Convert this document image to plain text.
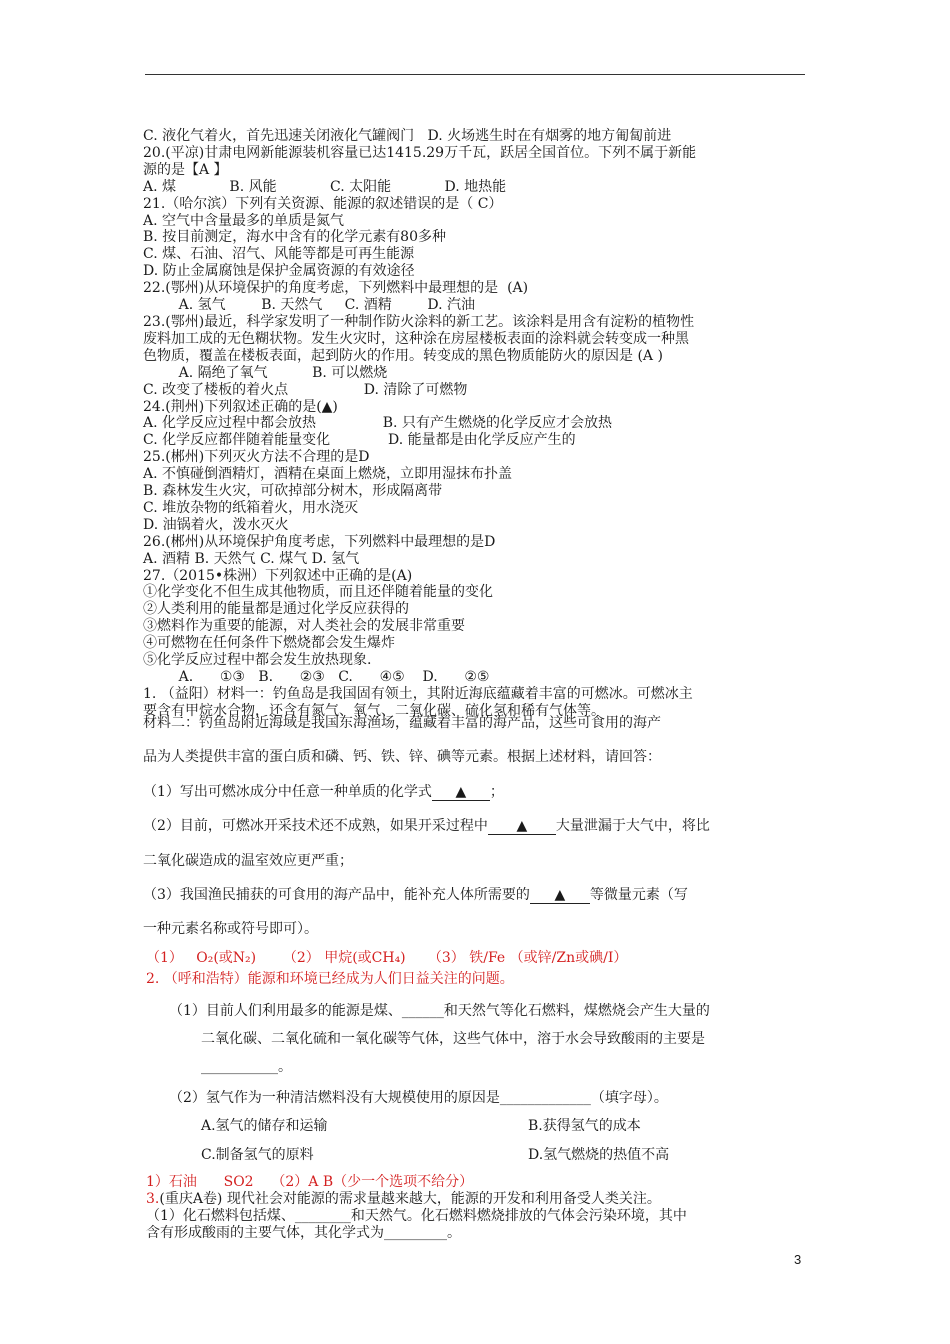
C. 液化气着火，首先迅速关闭液化气罐阀门   D. 火场逃生时在有烟雾的地方匍匐前进
20.(平凉)甘肃电网新能源装机容量已达1415.29万千瓦，跃居全国首位。下列不属于新能
源的是【A 】
A. 煤            B. 风能            C. 太阳能            D. 地热能
21.（哈尔滨）下列有关资源、能源的叙述错误的是（ C）
A. 空气中含量最多的单质是氮气
B. 按目前测定，海水中含有的化学元素有80多种
C. 煤、石油、沼气、风能等都是可再生能源
D. 防止金属腐蚀是保护金属资源的有效途径
22.(鄂州)从环境保护的角度考虑，下列燃料中最理想的是  (A)
A. 氢气        B. 天然气     C. 酒精        D. 汽油
23.(鄂州)最近，科学家发明了一种制作防火涂料的新工艺。该涂料是用含有淀粉的植物性
废料加工成的无色糊状物。发生火灾时，这种涂在房屋楼板表面的涂料就会转变成一种黑
色物质，覆盖在楼板表面，起到防火的作用。转变成的黑色物质能防火的原因是 (A )
A. 隔绝了氧气          B. 可以燃烧
C. 改变了楼板的着火点                 D. 清除了可燃物
24.(荆州)下列叙述正确的是(▲)
A. 化学反应过程中都会放热               B. 只有产生燃烧的化学反应才会放热
C. 化学反应都伴随着能量变化             D. 能量都是由化学反应产生的
25.(郴州)下列灭火方法不合理的是D
A. 不慎碰倒酒精灯，酒精在桌面上燃烧，立即用湿抹布扑盖
B. 森林发生火灾，可砍掉部分树木，形成隔离带
C. 堆放杂物的纸箱着火，用水浇灭
D. 油锅着火，泼水灭火
26.(郴州)从环境保护角度考虑，下列燃料中最理想的是D
A. 酒精 B. 天然气 C. 煤气 D. 氢气
27.（2015•株洲）下列叙述中正确的是(A)
①化学变化不但生成其他物质，而且还伴随着能量的变化
②人类利用的能量都是通过化学反应获得的
③燃料作为重要的能源，对人类社会的发展非常重要
④可燃物在任何条件下燃烧都会发生爆炸
⑤化学反应过程中都会发生放热现象.
A.      ①③   B.      ②③   C.      ④⑤    D.      ②⑤
1. （益阳）材料一：钓鱼岛是我国固有领土，其附近海底蕴藏着丰富的可燃冰。可燃冰主
要含有甲烷水合物，还含有氮气、氧气、二氧化碳、硫化氢和稀有气体等。
材料二：钓鱼岛附近海域是我国东海渔场，蕴藏着丰富的海产品，这些可食用的海产
品为人类提供丰富的蛋白质和磷、钙、铁、锌、碘等元素。根据上述材料，请回答：
（1）写出可燃冰成分中任意一种单质的化学式 ▲ ；
（2）目前，可燃冰开采技术还不成熟，如果开采过程中 ▲ 大量泄漏于大气中，将比
二氧化碳造成的温室效应更严重；
（3）我国渔民捕获的可食用的海产品中，能补充人体所需要的 ▲ 等微量元素（写
一种元素名称或符号即可）。
（1）   O₂(或N₂)      （2） 甲烷(或CH₄)     （3） 铁/Fe （或锌/Zn或碘/I）
2. （呼和浩特）能源和环境已经成为人们日益关注的问题。
（1）目前人们利用最多的能源是煤、______和天然气等化石燃料，煤燃烧会产生大量的
二氧化碳、二氧化硫和一氧化碳等气体，这些气体中，溶于水会导致酸雨的主要是
___________。
（2）氢气作为一种清洁燃料没有大规模使用的原因是_____________（填字母）。
A.氢气的储存和运输	B.获得氢气的成本
C.制备氢气的原料	D.氢气燃烧的热值不高
1）石油      SO2    （2）A B（少一个选项不给分）
3.(重庆A卷) 现代社会对能源的需求量越来越大，能源的开发和利用备受人类关注。
（1）化石燃料包括煤、________和天然气。化石燃料燃烧排放的气体会污染环境，其中
含有形成酸雨的主要气体，其化学式为_________。
3
